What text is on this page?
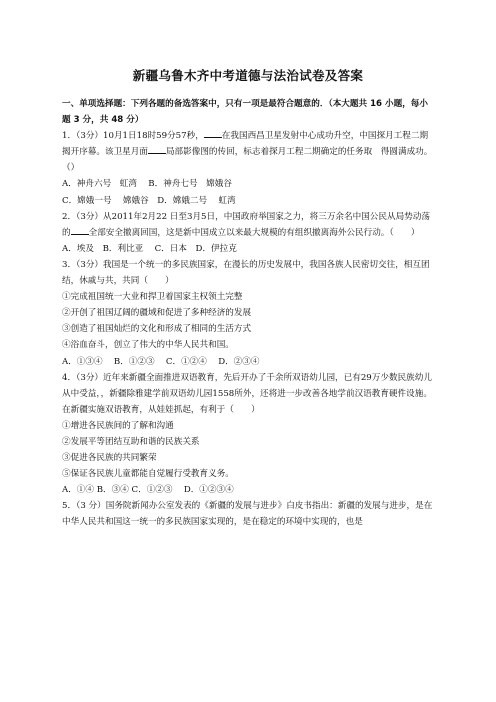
新疆乌鲁木齐中考道德与法治试卷及答案

一、单项选择题：下列各题的备选答案中，只有一项是最符合题意的．（本大题共 16 小题，每小题 3 分，共 48 分）

1．（3分）10月1日18时59分57秒， 在我国西昌卫星发射中心成功升空，中国探月工程二期揭开序幕。该卫星月面 局部影像图的传回，标志着探月工程二期确定的任务取　得圆满成功。（）

A．神舟六号　虹湾　 B．神舟七号　嫦娥谷

C．嫦娥一号　 嫦娥谷　D．嫦娥二号　 虹湾

2．（3分）从2011年2月22 日至3月5日，中国政府举国家之力，将三万余名中国公民从局势动荡的 全部安全撤离回国，这是新中国成立以来最大规模的有组织撤离海外公民行动。（　　）

A．埃及　B．利比亚　 C．日本　D．伊拉克

3．（3分）我国是一个统一的多民族国家，在漫长的历史发展中，我国各族人民密切交往，相互团结，休戚与共，共同（　　）

①完成祖国统一大业和捍卫着国家主权领土完整

②开创了祖国辽阔的疆域和促进了多种经济的发展

③创造了祖国灿烂的文化和形成了相同的生活方式

④浴血奋斗，创立了伟大的中华人民共和国。

A．①③④　 B．①②③　 C．①②④　 D．②③④

4．（3分）近年来新疆全面推进双语教育，先后开办了千余所双语幼儿园，已有29万少数民族幼儿从中受益，，新疆除雅建学前双语幼儿园1558所外，还将进一步改善各地学前汉语教育硬件设施。在新疆实施双语教育，从娃娃抓起，有利于（　　）

①增进各民族间的了解和沟通

②发展平等团结互助和谐的民族关系

③促进各民族的共同繁荣

⑤保证各民族儿童都能自觉履行受教育义务。

A．①④ B．③④ C．①②③　 D．①②③④

5．（3 分）国务院新闻办公室发表的《新疆的发展与进步》白皮书指出：新疆的发展与进步，是在中华人民共和国这一统一的多民族国家实现的，是在稳定的环境中实现的，也是
